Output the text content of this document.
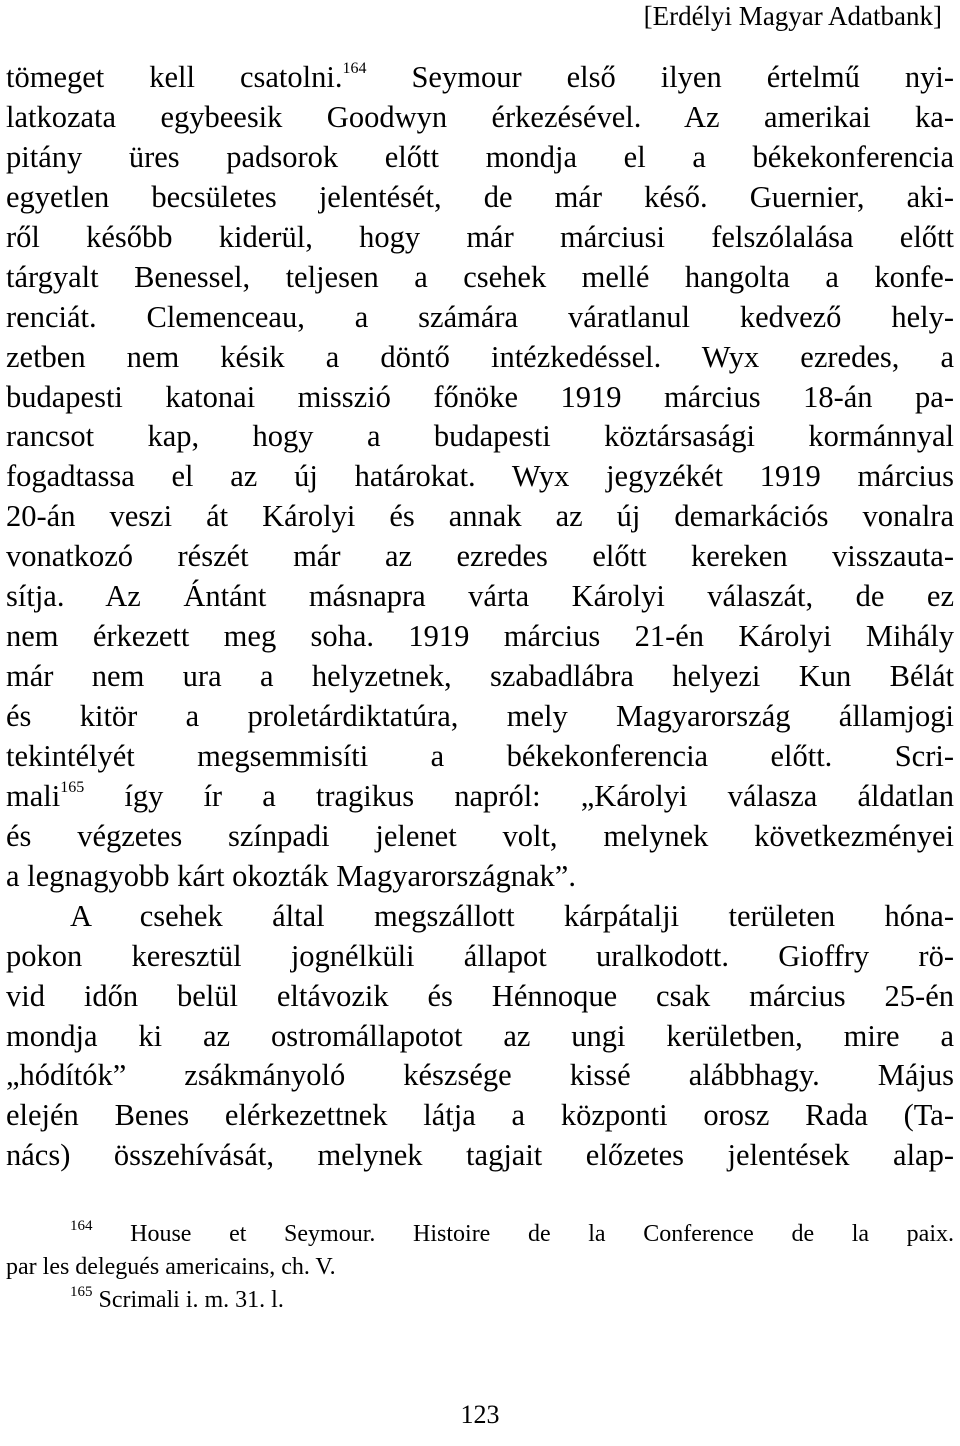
[Erdélyi Magyar Adatbank]
tömeget kell csatolni.$^{164}$ Seymour első ilyen értelmű nyi-
latkozata egybeesik Goodwyn érkezésével. Az amerikai ka-
pitány üres padsorok előtt mondja el a békekonferencia
egyetlen becsületes jelentését, de már késő. Guernier, aki-
ről később kiderül, hogy már márciusi felszólalása előtt
tárgyalt Benessel, teljesen a csehek mellé hangolta a konfe-
renciát. Clemenceau, a számára váratlanul kedvező hely-
zetben nem késik a döntő intézkedéssel. Wyx ezredes, a
budapesti katonai misszió főnöke 1919 március 18-án pa-
rancsot kap, hogy a budapesti köztársasági kormánnyal
fogadtassa el az új határokat. Wyx jegyzékét 1919 március
20-án veszi át Károlyi és annak az új demarkációs vonalra
vonatkozó részét már az ezredes előtt kereken visszauta-
sítja. Az Ántánt másnapra várta Károlyi válaszát, de ez
nem érkezett meg soha. 1919 március 21-én Károlyi Mihály
már nem ura a helyzetnek, szabadlábra helyezi Kun Bélát
és kitör a proletárdiktatúra, mely Magyarország államjogi
tekintélyét megsemmisíti a békekonferencia előtt. Scri-
mali$^{165}$ így ír a tragikus napról: „Károlyi válasza áldatlan
és végzetes színpadi jelenet volt, melynek következményei
a legnagyobb kárt okozták Magyarországnak”.
A csehek által megszállott kárpátalji területen hóna-
pokon keresztül jognélküli állapot uralkodott. Gioffry rö-
vid időn belül eltávozik és Hénnoque csak március 25-én
mondja ki az ostromállapotot az ungi kerületben, mire a
„hódítók” zsákmányoló készsége kissé alábbhagy. Május
elején Benes elérkezettnek látja a központi orosz Rada (Ta-
nács) összehívását, melynek tagjait előzetes jelentések alap-
$^{164}$ House et Seymour. Histoire de la Conference de la paix.
par les delegués americains, ch. V.
$^{165}$ Scrimali i. m. 31. l.
123
